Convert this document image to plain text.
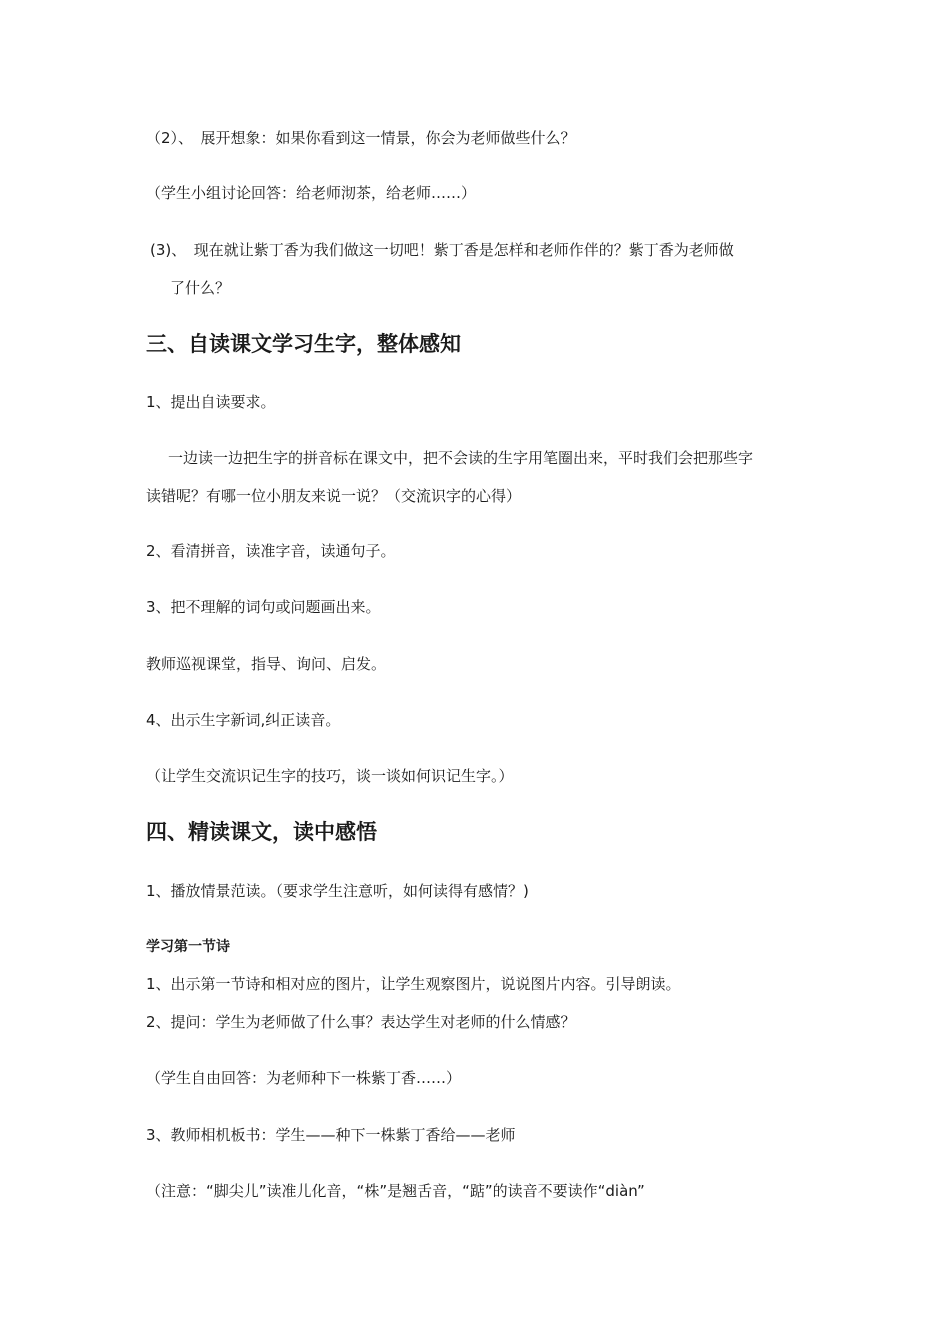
（2）、　展开想象：如果你看到这一情景，你会为老师做些什么？
（学生小组讨论回答：给老师沏茶，给老师……）
(3)、　现在就让紫丁香为我们做这一切吧！紫丁香是怎样和老师作伴的？紫丁香为老师做
了什么？
三、自读课文学习生字，整体感知
1、提出自读要求。
一边读一边把生字的拼音标在课文中，把不会读的生字用笔圈出来，平时我们会把那些字
读错呢？有哪一位小朋友来说一说？（交流识字的心得）
2、看清拼音，读准字音，读通句子。
3、把不理解的词句或问题画出来。
教师巡视课堂，指导、询问、启发。
4、出示生字新词,纠正读音。
（让学生交流识记生字的技巧，谈一谈如何识记生字。）
四、精读课文，读中感悟
1、播放情景范读。（要求学生注意听，如何读得有感情？)
学习第一节诗
1、出示第一节诗和相对应的图片，让学生观察图片，说说图片内容。引导朗读。
2、提问：学生为老师做了什么事？表达学生对老师的什么情感？
（学生自由回答：为老师种下一株紫丁香……）
3、教师相机板书：学生——种下一株紫丁香给——老师
（注意：“脚尖儿”读准儿化音，“株”是翘舌音，“踮”的读音不要读作“diàn”
